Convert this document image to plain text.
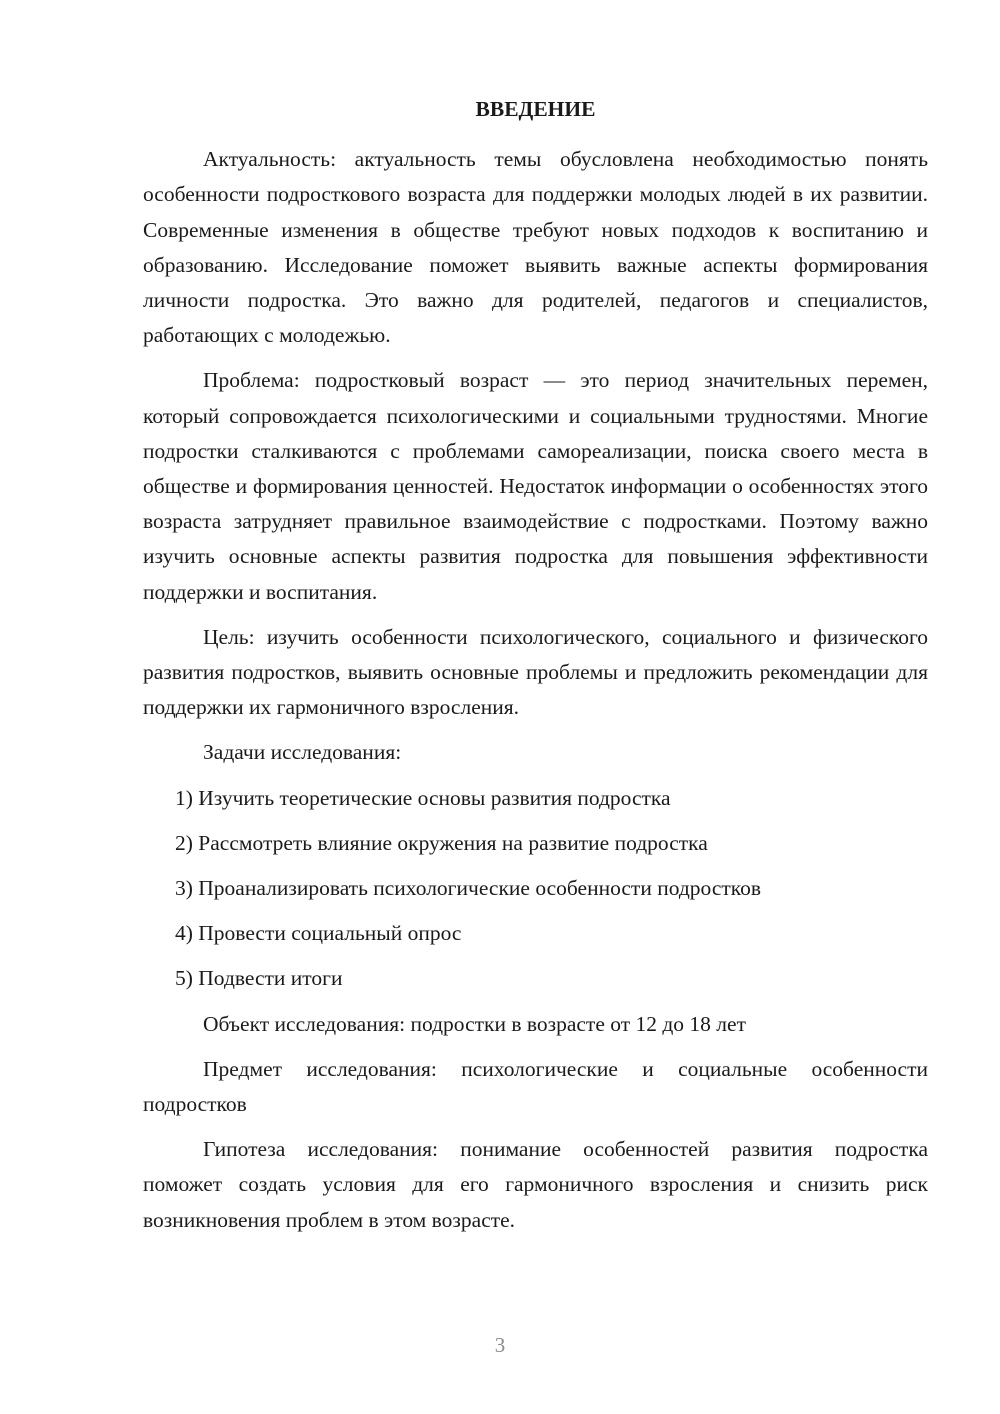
ВВЕДЕНИЕ
Актуальность: актуальность темы обусловлена необходимостью понять особенности подросткового возраста для поддержки молодых людей в их развитии. Современные изменения в обществе требуют новых подходов к воспитанию и образованию. Исследование поможет выявить важные аспекты формирования личности подростка. Это важно для родителей, педагогов и специалистов, работающих с молодежью.
Проблема: подростковый возраст — это период значительных перемен, который сопровождается психологическими и социальными трудностями. Многие подростки сталкиваются с проблемами самореализации, поиска своего места в обществе и формирования ценностей. Недостаток информации о особенностях этого возраста затрудняет правильное взаимодействие с подростками. Поэтому важно изучить основные аспекты развития подростка для повышения эффективности поддержки и воспитания.
Цель: изучить особенности психологического, социального и физического развития подростков, выявить основные проблемы и предложить рекомендации для поддержки их гармоничного взросления.
Задачи исследования:
1) Изучить теоретические основы развития подростка
2) Рассмотреть влияние окружения на развитие подростка
3) Проанализировать психологические особенности подростков
4) Провести социальный опрос
5) Подвести итоги
Объект исследования: подростки в возрасте от 12 до 18 лет
Предмет исследования: психологические и социальные особенности подростков
Гипотеза исследования: понимание особенностей развития подростка поможет создать условия для его гармоничного взросления и снизить риск возникновения проблем в этом возрасте.
3
